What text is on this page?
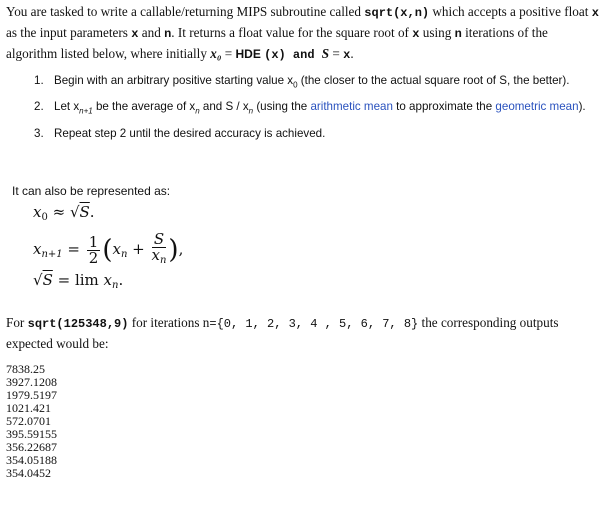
You are tasked to write a callable/returning MIPS subroutine called sqrt(x,n) which accepts a positive float x as the input parameters x and n. It returns a float value for the square root of x using n iterations of the algorithm listed below, where initially x₀ = HDE (x) and S = x.
1. Begin with an arbitrary positive starting value $x_0$ (the closer to the actual square root of S, the better).
2. Let $x_{n+1}$ be the average of $x_n$ and S / $x_n$ (using the arithmetic mean to approximate the geometric mean).
3. Repeat step 2 until the desired accuracy is achieved.
It can also be represented as:
$x_0 \approx √S$.
$x_{n+1} = \frac{1}{2} (x_n + \frac{S}{x_n}$ ),
$√S = \lim x_n$.
For sqrt(125348,9) for iterations n={0, 1, 2, 3, 4 , 5, 6, 7, 8} the corresponding outputs expected would be:
7838.25
3927.1208
1979.5197
1021.421
572.0701
395.59155
356.22687
354.05188
354.0452
